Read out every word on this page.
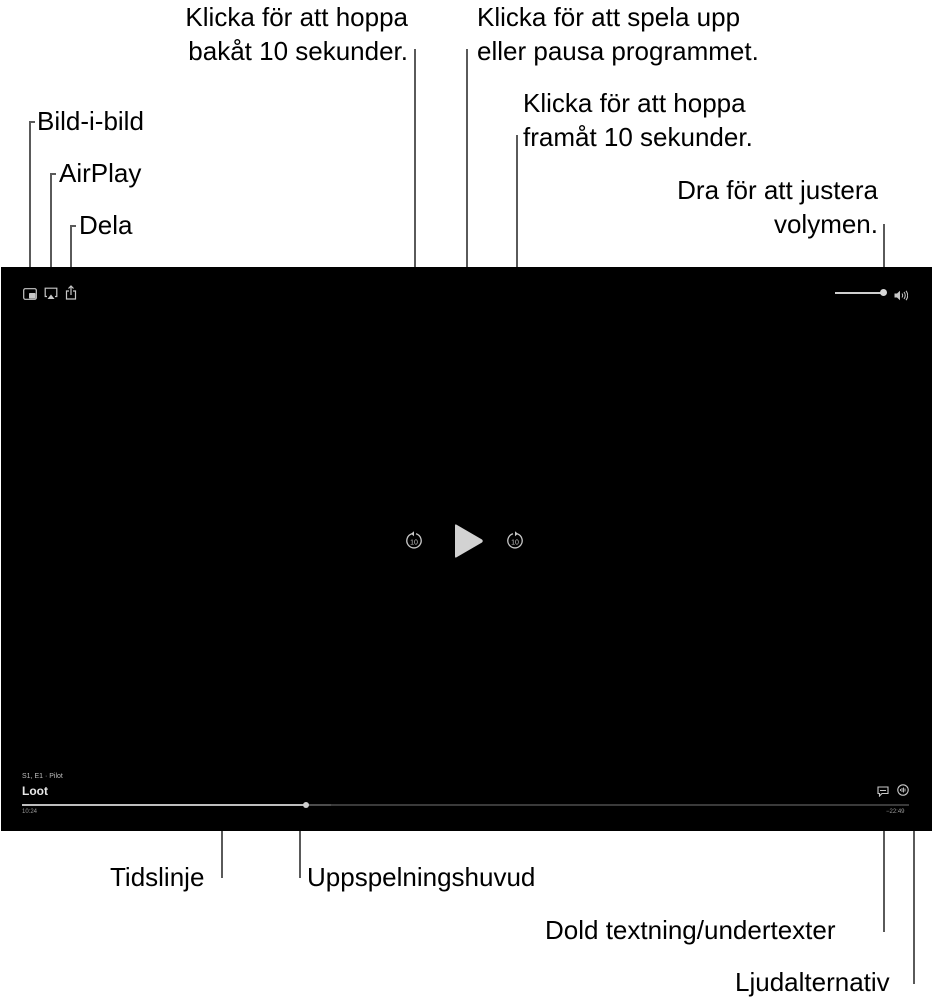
Bild-i-bild
AirPlay
Dela
Klicka för att hoppa
bakåt 10 sekunder.
Klicka för att spela upp
eller pausa programmet.
Klicka för att hoppa
framåt 10 sekunder.
Dra för att justera
volymen.
Tidslinje	Uppspelningshuvud
Dold textning/undertexter
Ljudalternativ
10	10
S1, E1 · Pilot
Loot
10:24	−22:49
